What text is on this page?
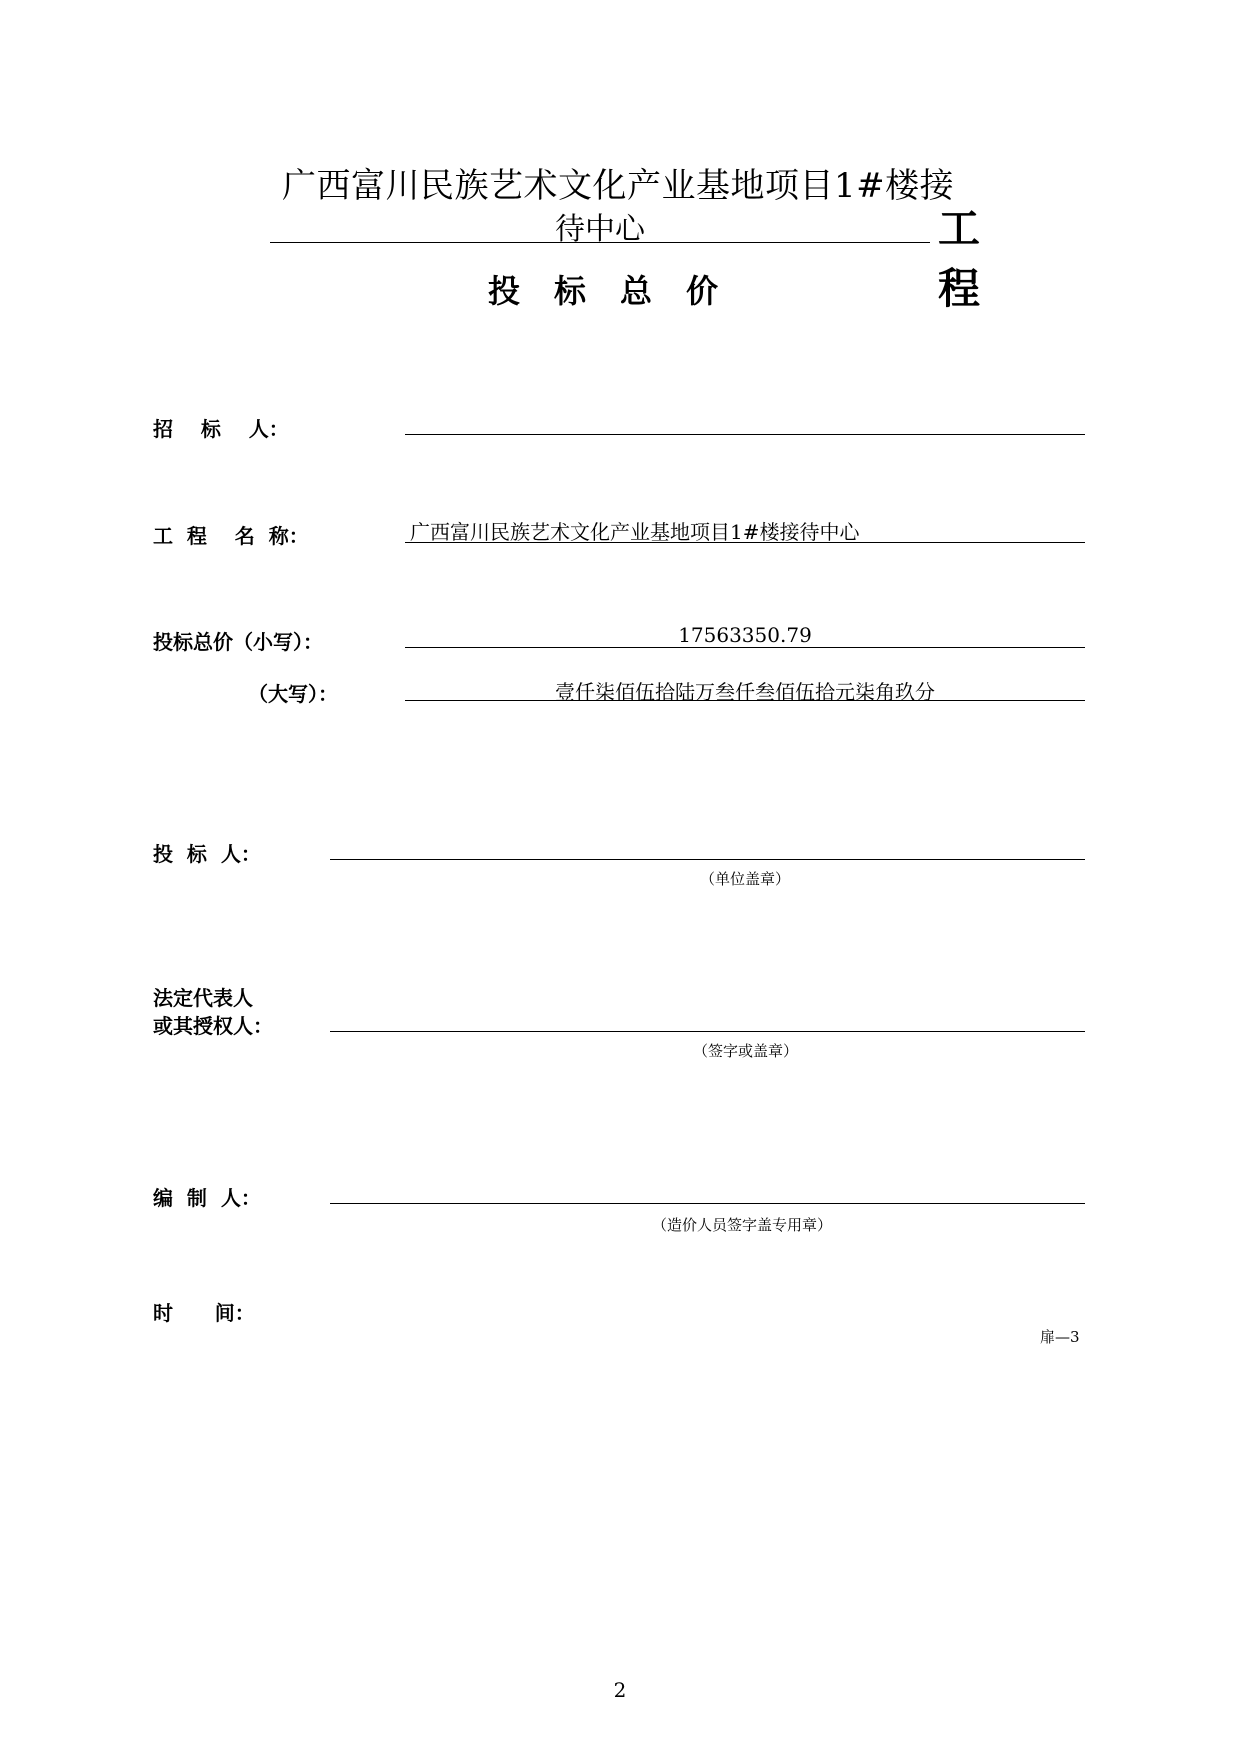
广西富川民族艺术文化产业基地项目1#楼接
待中心	工程
投标总价
招    标    人：
工  程    名  称：	广西富川民族艺术文化产业基地项目1#楼接待中心
投标总价（小写）：	17563350.79
（大写）：	壹仟柒佰伍拾陆万叁仟叁佰伍拾元柒角玖分
投  标  人：
（单位盖章）
法定代表人
或其授权人：
（签字或盖章）
编  制  人：
（造价人员签字盖专用章）
时      间：
扉—3
2
